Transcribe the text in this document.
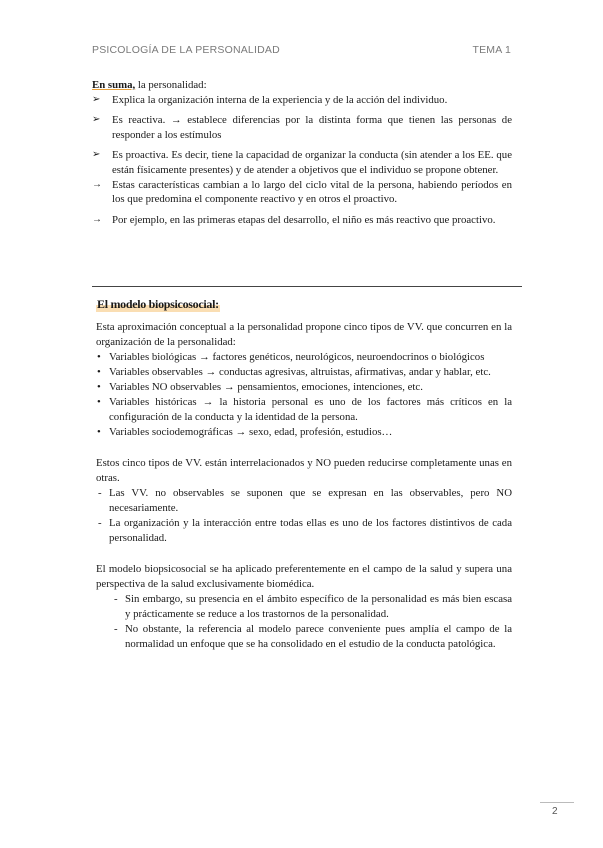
PSICOLOGÍA DE LA PERSONALIDAD	TEMA 1
En suma, la personalidad:
➢ Explica la organización interna de la experiencia y de la acción del individuo.
➢ Es reactiva. → establece diferencias por la distinta forma que tienen las personas de responder a los estímulos
➢ Es proactiva. Es decir, tiene la capacidad de organizar la conducta (sin atender a los EE. que están físicamente presentes) y de atender a objetivos que el individuo se propone obtener.
→ Estas características cambian a lo largo del ciclo vital de la persona, habiendo períodos en los que predomina el componente reactivo y en otros el proactivo.
→ Por ejemplo, en las primeras etapas del desarrollo, el niño es más reactivo que proactivo.
El modelo biopsicosocial:

Esta aproximación conceptual a la personalidad propone cinco tipos de VV. que concurren en la organización de la personalidad:

• Variables biológicas → factores genéticos, neurológicos, neuroendocrinos o biológicos
• Variables observables → conductas agresivas, altruistas, afirmativas, andar y hablar, etc.
• Variables NO observables → pensamientos, emociones, intenciones, etc.
• Variables históricas → la historia personal es uno de los factores más críticos en la configuración de la conducta y la identidad de la persona.
• Variables sociodemográficas → sexo, edad, profesión, estudios…

Estos cinco tipos de VV. están interrelacionados y NO pueden reducirse completamente unas en otras.

- Las VV. no observables se suponen que se expresan en las observables, pero NO necesariamente.
- La organización y la interacción entre todas ellas es uno de los factores distintivos de cada personalidad.

El modelo biopsicosocial se ha aplicado preferentemente en el campo de la salud y supera una perspectiva de la salud exclusivamente biomédica.

- Sin embargo, su presencia en el ámbito específico de la personalidad es más bien escasa y prácticamente se reduce a los trastornos de la personalidad.
- No obstante, la referencia al modelo parece conveniente pues amplía el campo de la normalidad un enfoque que se ha consolidado en el estudio de la conducta patológica.
2
